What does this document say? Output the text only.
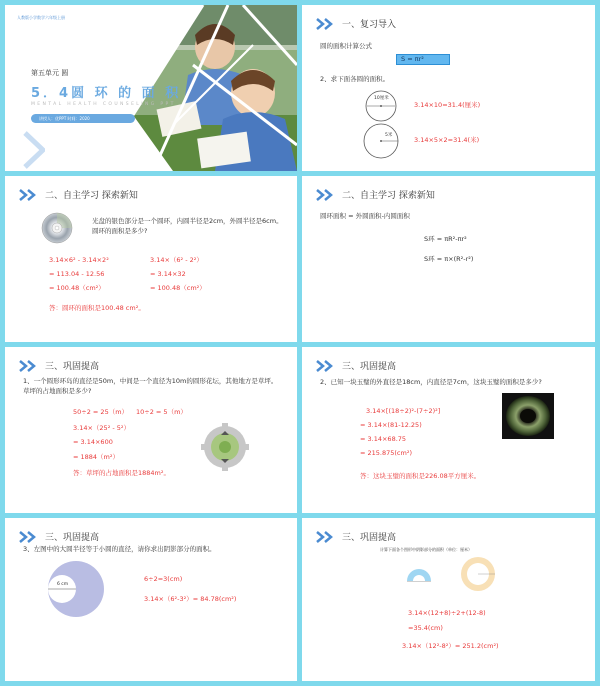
人教版小学数学六年级上册
第五单元 圆
5．4圆 环 的 面 积
MENTAL HEALTH COUNSELING PPT
讲授人：优PPT 时间：2020
一、复习导入
圆的面积计算公式
S = πr²
2、求下面各圆的面积。
10厘米
5米
3.14×10=31.4(厘米)
3.14×5×2=31.4(米)
二、自主学习 探索新知
光盘的银色部分是一个圆环，内圆半径是2cm，外圆半径是6cm。圆环的面积是多少?
3.14×6² - 3.14×2²
= 113.04 - 12.56
= 100.48（cm²）
3.14×（6² - 2²）
= 3.14×32
= 100.48（cm²）
答：圆环的面积是100.48 cm²。
二、自主学习 探索新知
圆环面积 = 外圆面积-内圆面积
S环 = πR²-πr²
S环 = π×(R²-r²)
三、巩固提高
1、一个圆形环岛的直径是50m，中间是一个直径为10m的圆形花坛，其他地方是草坪。草坪的占地面积是多少?
50÷2 = 25（m） 10÷2 = 5（m）
3.14×（25² - 5²）
= 3.14×600
= 1884（m²）
答：草坪的占地面积是1884m²。
三、巩固提高
2、已知一块玉璧的外直径是18cm，内直径是7cm，这块玉璧的面积是多少?
3.14×[(18÷2)²-(7÷2)²]
= 3.14×(81-12.25)
= 3.14×68.75
= 215.875(cm²)
答：这块玉璧的面积是226.08平方厘米。
三、巩固提高
3、左图中的大圆半径等于小圆的直径，请你求出阴影部分的面积。
6 cm
6÷2=3(cm)
3.14×（6²-3²）= 84.78(cm²)
三、巩固提高
计算下面各个图形中阴影部分的面积（单位：厘米）
3.14×(12+8)÷2+(12-8)
=35.4(cm)
3.14×（12²-8²）= 251.2(cm²)
